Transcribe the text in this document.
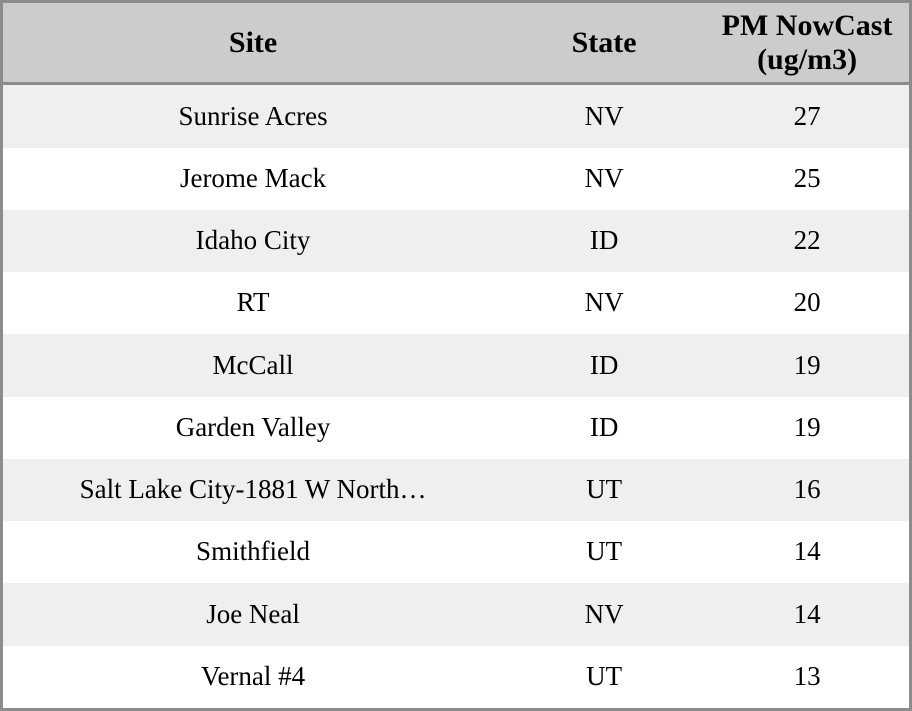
Site	State	PM NowCast (ug/m3)
Sunrise Acres	NV	27
Jerome Mack	NV	25
Idaho City	ID	22
RT	NV	20
McCall	ID	19
Garden Valley	ID	19
Salt Lake City-1881 W North…	UT	16
Smithfield	UT	14
Joe Neal	NV	14
Vernal #4	UT	13
